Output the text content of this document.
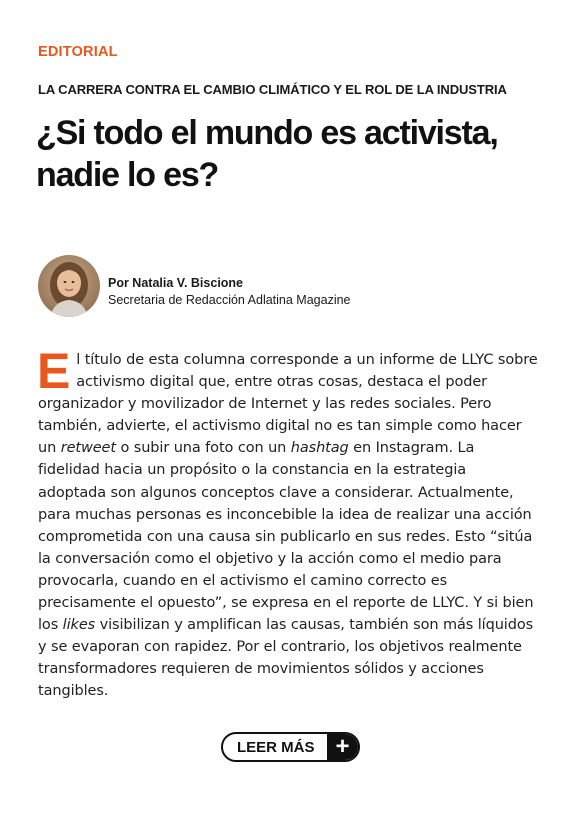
EDITORIAL
LA CARRERA CONTRA EL CAMBIO CLIMÁTICO Y EL ROL DE LA INDUSTRIA
¿Si todo el mundo es activista, nadie lo es?
Por Natalia V. Biscione
Secretaria de Redacción Adlatina Magazine

El título de esta columna corresponde a un informe de LLYC sobre activismo digital que, entre otras cosas, destaca el poder organizador y movilizador de Internet y las redes sociales. Pero también, advierte, el activismo digital no es tan simple como hacer un retweet o subir una foto con un hashtag en Instagram. La fidelidad hacia un propósito o la constancia en la estrategia adoptada son algunos conceptos clave a considerar. Actualmente, para muchas personas es inconcebible la idea de realizar una acción comprometida con una causa sin publicarlo en sus redes. Esto “sitúa la conversación como el objetivo y la acción como el medio para provocarla, cuando en el activismo el camino correcto es precisamente el opuesto”, se expresa en el reporte de LLYC. Y si bien los likes visibilizan y amplifican las causas, también son más líquidos y se evaporan con rapidez. Por el contrario, los objetivos realmente transformadores requieren de movimientos sólidos y acciones tangibles.

LEER MÁS +
